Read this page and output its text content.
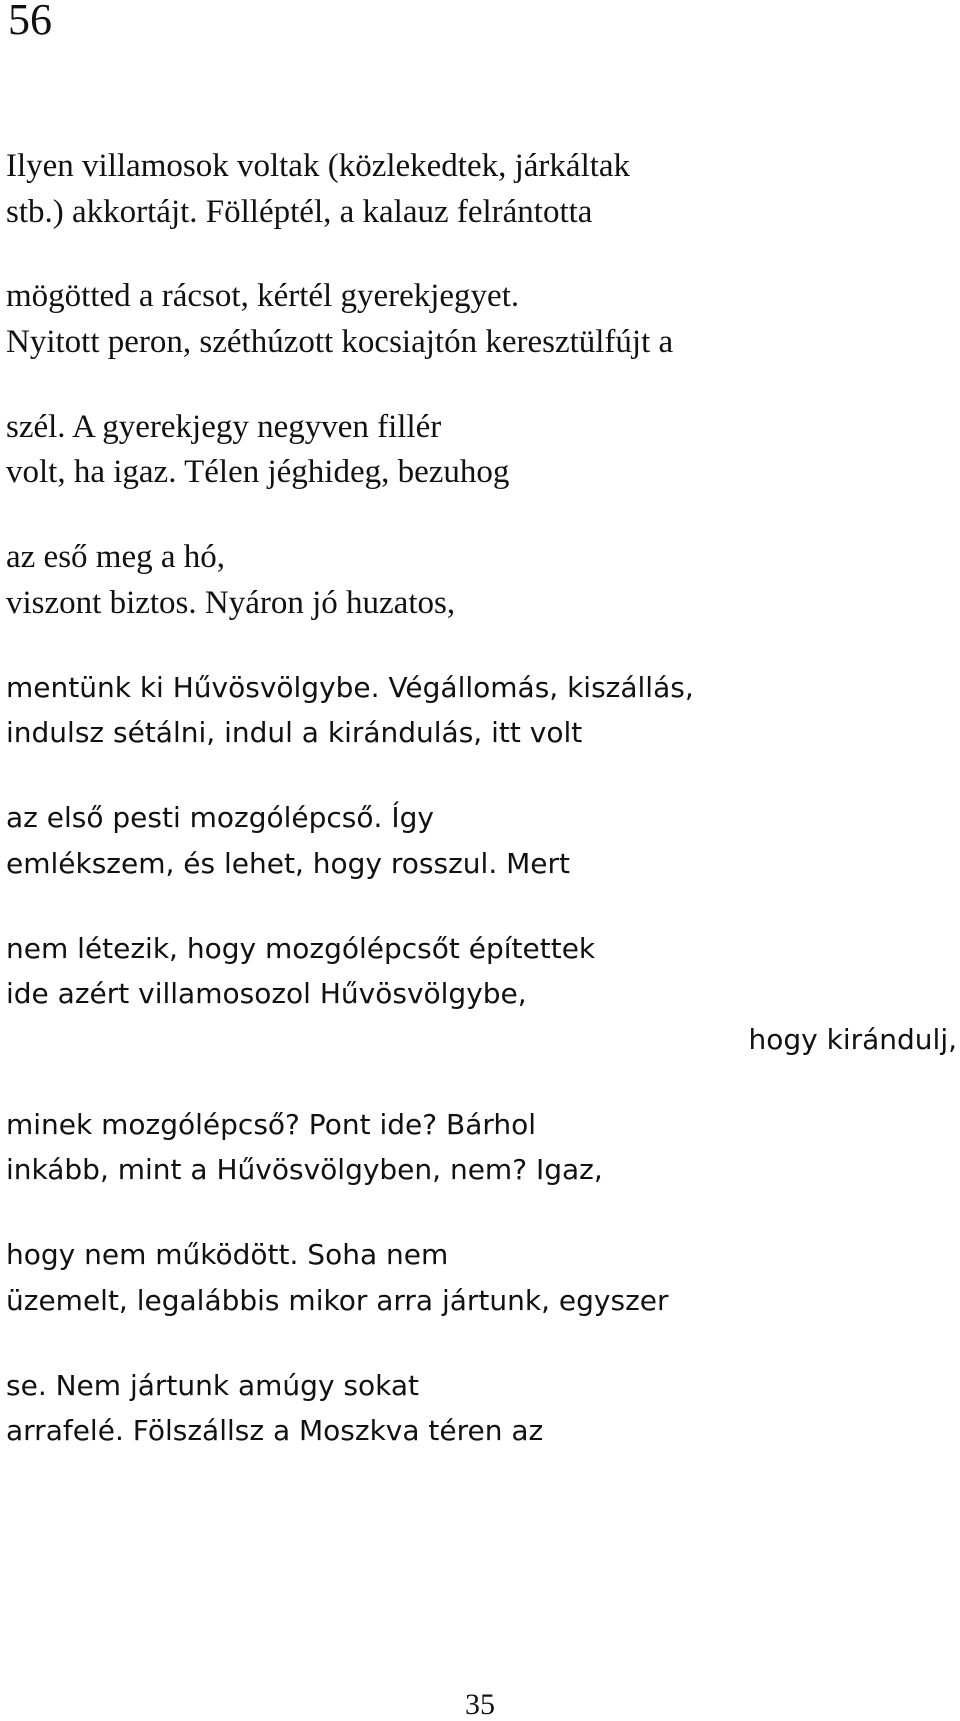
56
Ilyen villamosok voltak (közlekedtek, járkáltak
stb.) akkortájt. Fölléptél, a kalauz felrántotta
mögötted a rácsot, kértél gyerekjegyet.
Nyitott peron, széthúzott kocsiajtón keresztülfújt a
szél. A gyerekjegy negyven fillér
volt, ha igaz. Télen jéghideg, bezuhog
az eső meg a hó,
viszont biztos. Nyáron jó huzatos,
mentünk ki Hűvösvölgybe. Végállomás, kiszállás,
indulsz sétálni, indul a kirándulás, itt volt
az első pesti mozgólépcső. Így
emlékszem, és lehet, hogy rosszul. Mert
nem létezik, hogy mozgólépcsőt építettek
ide azért villamosozol Hűvösvölgybe,
hogy kirándulj,
minek mozgólépcső? Pont ide? Bárhol
inkább, mint a Hűvösvölgyben, nem? Igaz,
hogy nem működött. Soha nem
üzemelt, legalábbis mikor arra jártunk, egyszer
se. Nem jártunk amúgy sokat
arrafelé. Fölszállsz a Moszkva téren az
35
